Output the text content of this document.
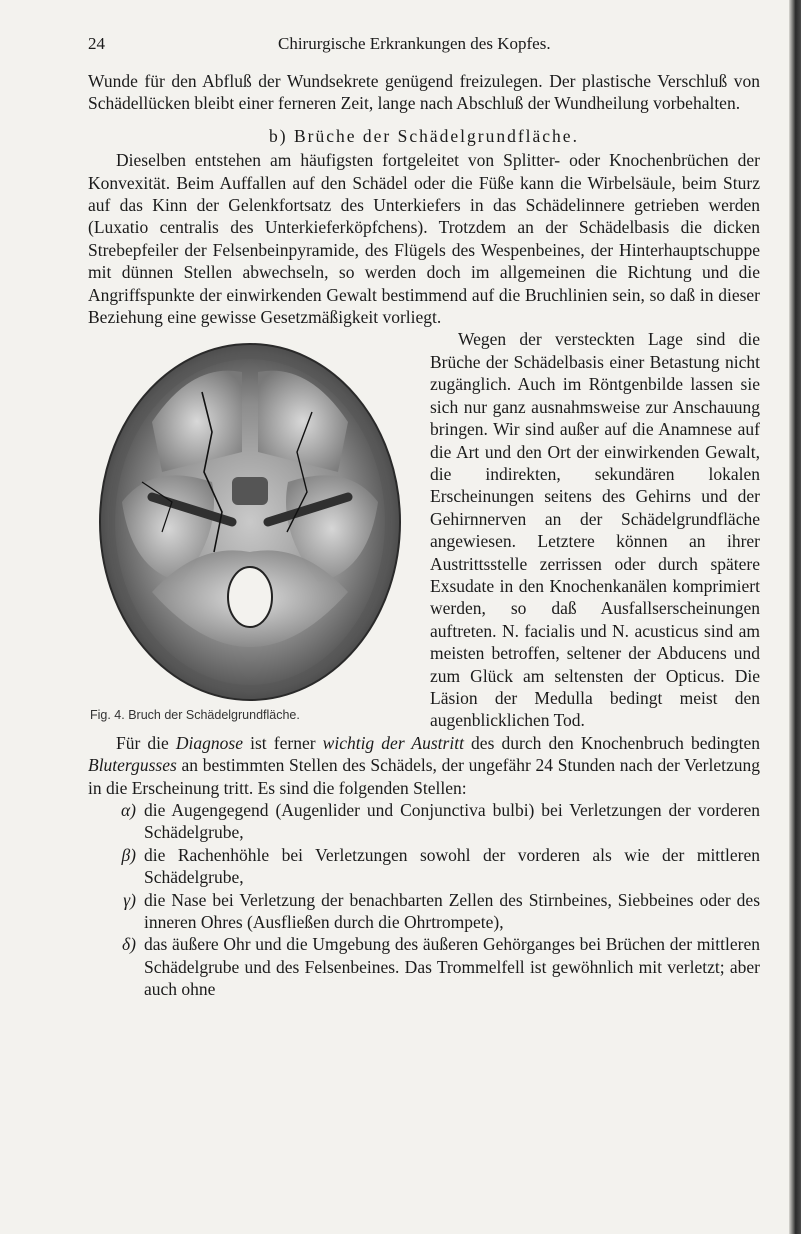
24	Chirurgische Erkrankungen des Kopfes.

Wunde für den Abfluß der Wundsekrete genügend freizulegen. Der plastische Verschluß von Schädellücken bleibt einer ferneren Zeit, lange nach Abschluß der Wundheilung vorbehalten.

b) Brüche der Schädelgrundfläche.

Dieselben entstehen am häufigsten fortgeleitet von Splitter- oder Knochenbrüchen der Konvexität. Beim Auffallen auf den Schädel oder die Füße kann die Wirbelsäule, beim Sturz auf das Kinn der Gelenkfortsatz des Unterkiefers in das Schädelinnere getrieben werden (Luxatio centralis des Unterkieferköpfchens). Trotzdem an der Schädelbasis die dicken Strebepfeiler der Felsenbeinpyramide, des Flügels des Wespenbeines, der Hinterhauptschuppe mit dünnen Stellen abwechseln, so werden doch im allgemeinen die Richtung und die Angriffspunkte der einwirkenden Gewalt bestimmend auf die Bruchlinien sein, so daß in dieser Beziehung eine gewisse Gesetzmäßigkeit vorliegt.

Fig. 4. Bruch der Schädelgrundfläche.

Wegen der versteckten Lage sind die Brüche der Schädelbasis einer Betastung nicht zugänglich. Auch im Röntgenbilde lassen sie sich nur ganz ausnahmsweise zur Anschauung bringen. Wir sind außer auf die Anamnese auf die Art und den Ort der einwirkenden Gewalt, die indirekten, sekundären lokalen Erscheinungen seitens des Gehirns und der Gehirnnerven an der Schädelgrundfläche angewiesen. Letztere können an ihrer Austrittsstelle zerrissen oder durch spätere Exsudate in den Knochenkanälen komprimiert werden, so daß Ausfallserscheinungen auftreten. N. facialis und N. acusticus sind am meisten betroffen, seltener der Abducens und zum Glück am seltensten der Opticus. Die Läsion der Medulla bedingt meist den augenblicklichen Tod.

Für die Diagnose ist ferner wichtig der Austritt des durch den Knochenbruch bedingten Blutergusses an bestimmten Stellen des Schädels, der ungefähr 24 Stunden nach der Verletzung in die Erscheinung tritt. Es sind die folgenden Stellen:

α) die Augengegend (Augenlider und Conjunctiva bulbi) bei Verletzungen der vorderen Schädelgrube,
β) die Rachenhöhle bei Verletzungen sowohl der vorderen als wie der mittleren Schädelgrube,
γ) die Nase bei Verletzung der benachbarten Zellen des Stirnbeines, Siebbeines oder des inneren Ohres (Ausfließen durch die Ohrtrompete),
δ) das äußere Ohr und die Umgebung des äußeren Gehörganges bei Brüchen der mittleren Schädelgrube und des Felsenbeines. Das Trommelfell ist gewöhnlich mit verletzt; aber auch ohne
